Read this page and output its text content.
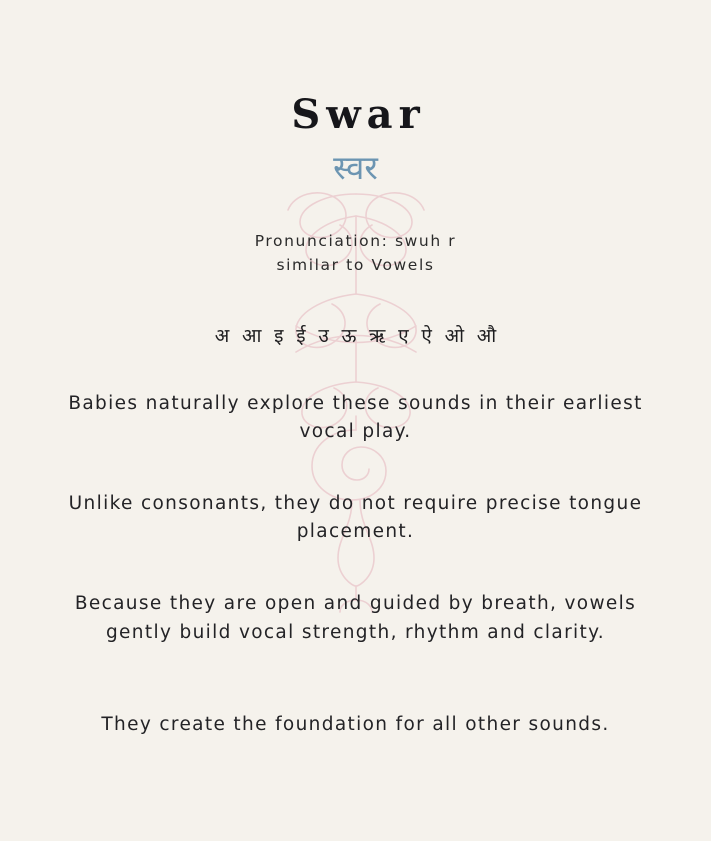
Swar
स्वर
Pronunciation: swuh r
similar to Vowels
अ आ इ ई उ ऊ ऋ ए ऐ ओ औ

Babies naturally explore these sounds in their earliest vocal play.

Unlike consonants, they do not require precise tongue placement.

Because they are open and guided by breath, vowels gently build vocal strength, rhythm and clarity.

They create the foundation for all other sounds.
